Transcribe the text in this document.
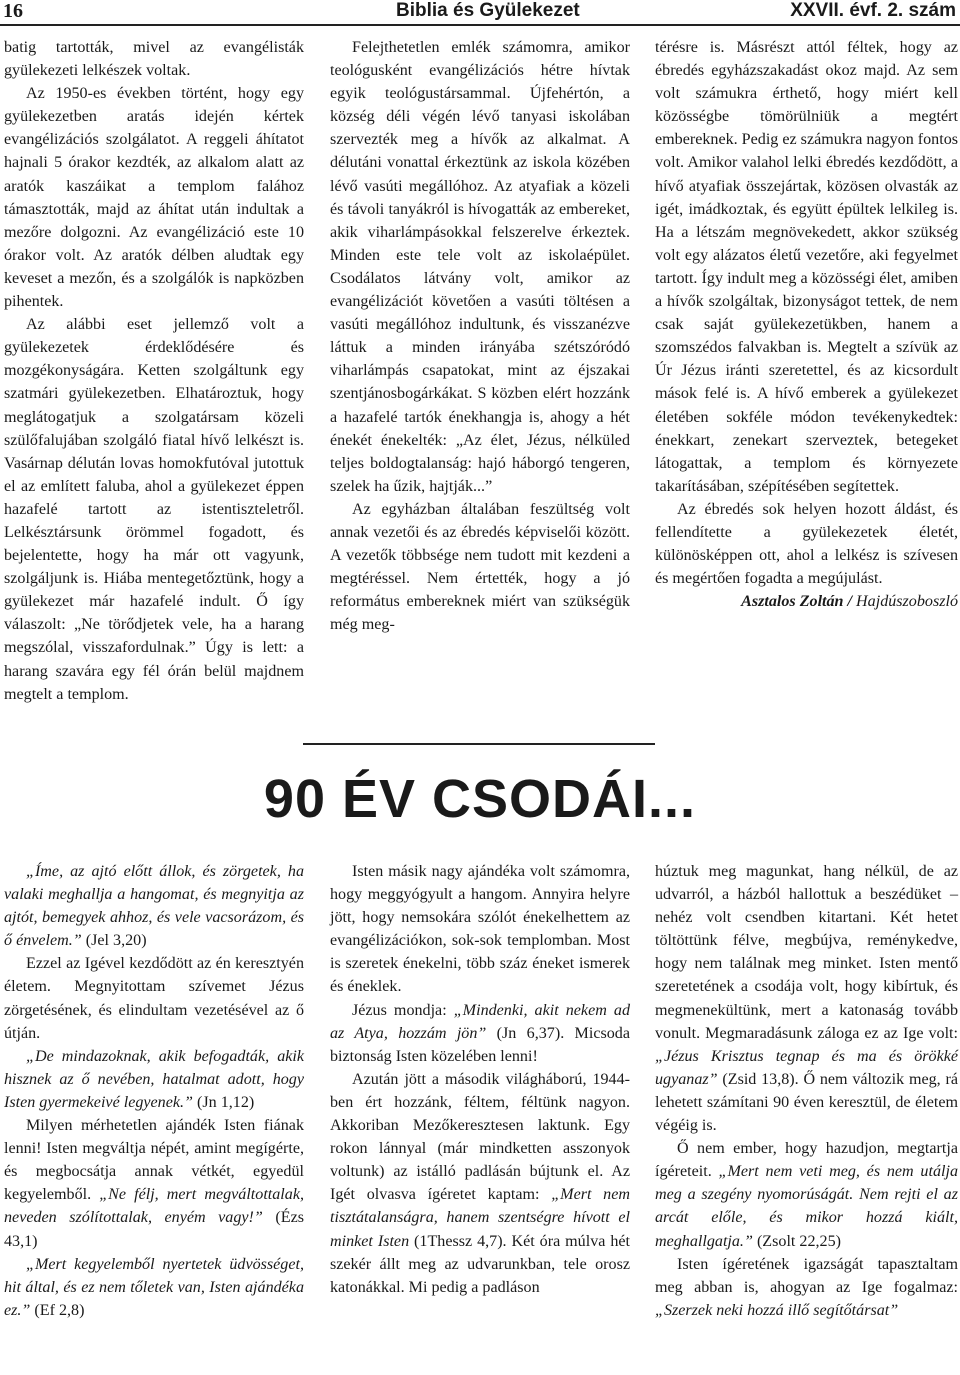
16	Biblia és Gyülekezet	XXVII. évf. 2. szám

batig tartották, mivel az evangélisták gyülekezeti lelkészek voltak.

Az 1950-es években történt, hogy egy gyülekezetben aratás idején kértek evangélizációs szolgálatot. A reggeli áhítatot hajnali 5 órakor kezdték, az alkalom alatt az aratók kaszáikat a templom falához támasztották, majd az áhítat után indultak a mezőre dolgozni. Az evangélizáció este 10 órakor volt. Az aratók délben aludtak egy keveset a mezőn, és a szolgálók is napközben pihentek.

Az alábbi eset jellemző volt a gyülekezetek érdeklődésére és mozgékonyságára. Ketten szolgáltunk egy szatmári gyülekezetben. Elhatároztuk, hogy meglátogatjuk a szolgatársam közeli szülőfalujában szolgáló fiatal hívő lelkészt is. Vasárnap délután lovas homokfutóval jutottuk el az említett faluba, ahol a gyülekezet éppen hazafelé tartott az istentiszteletről. Lelkésztársunk örömmel fogadott, és bejelentette, hogy ha már ott vagyunk, szolgáljunk is. Hiába mentegetőztünk, hogy a gyülekezet már hazafelé indult. Ő így válaszolt: „Ne törődjetek vele, ha a harang megszólal, visszafordulnak.” Úgy is lett: a harang szavára egy fél órán belül majdnem megtelt a templom.

Felejthetetlen emlék számomra, amikor teológusként evangélizációs hétre hívtak egyik teológustársammal. Újfehértón, a község déli végén lévő tanyasi iskolában szervezték meg a hívők az alkalmat. A délutáni vonattal érkeztünk az iskola közében lévő vasúti megállóhoz. Az atyafiak a közeli és távoli tanyákról is hívogatták az embereket, akik viharlámpásokkal felszerelve érkeztek. Minden este tele volt az iskolaépület. Csodálatos látvány volt, amikor az evangélizációt követően a vasúti töltésen a vasúti megállóhoz indultunk, és visszanézve láttuk a minden irányába szétszóródó viharlámpás csapatokat, mint az éjszakai szentjánosbogárkákat. S közben elért hozzánk a hazafelé tartók énekhangja is, ahogy a hét énekét énekelték: „Az élet, Jézus, nélküled teljes boldogtalanság: hajó háborgó tengeren, szelek ha űzik, hajtják...”

Az egyházban általában feszültség volt annak vezetői és az ébredés képviselői között. A vezetők többsége nem tudott mit kezdeni a megtéréssel. Nem értették, hogy a jó református embereknek miért van szükségük még meg-

térésre is. Másrészt attól féltek, hogy az ébredés egyházszakadást okoz majd. Az sem volt számukra érthető, hogy miért kell közösségbe tömörülniük a megtért embereknek. Pedig ez számukra nagyon fontos volt. Amikor valahol lelki ébredés kezdődött, a hívő atyafiak összejártak, közösen olvasták az igét, imádkoztak, és együtt épültek lelkileg is. Ha a létszám megnövekedett, akkor szükség volt egy alázatos életű vezetőre, aki fegyelmet tartott. Így indult meg a közösségi élet, amiben a hívők szolgáltak, bizonyságot tettek, de nem csak saját gyülekezetükben, hanem a szomszédos falvakban is. Megtelt a szívük az Úr Jézus iránti szeretettel, és az kicsordult mások felé is. A hívő emberek a gyülekezet életében sokféle módon tevékenykedtek: énekkart, zenekart szerveztek, betegeket látogattak, a templom és környezete takarításában, szépítésében segítettek.

Az ébredés sok helyen hozott áldást, és fellendítette a gyülekezetek életét, különösképpen ott, ahol a lelkész is szívesen és megértően fogadta a megújulást.

Asztalos Zoltán / Hajdúszoboszló

90 ÉV CSODÁI...

„Íme, az ajtó előtt állok, és zörgetek, ha valaki meghallja a hangomat, és megnyitja az ajtót, bemegyek ahhoz, és vele vacsorázom, és ő énvelem.” (Jel 3,20)

Ezzel az Igével kezdődött az én keresztyén életem. Megnyitottam szívemet Jézus zörgetésének, és elindultam vezetésével az ő útján.

„De mindazoknak, akik befogadták, akik hisznek az ő nevében, hatalmat adott, hogy Isten gyermekeivé legyenek.” (Jn 1,12)

Milyen mérhetetlen ajándék Isten fiának lenni! Isten megváltja népét, amint megígérte, és megbocsátja annak vétkét, egyedül kegyelemből. „Ne félj, mert megváltottalak, neveden szólítottalak, enyém vagy!” (Ézs 43,1)

„Mert kegyelemből nyertetek üdvösséget, hit által, és ez nem tőletek van, Isten ajándéka ez.” (Ef 2,8)

Isten másik nagy ajándéka volt számomra, hogy meggyógyult a hangom. Annyira helyre jött, hogy nemsokára szólót énekelhettem az evangélizációkon, sok-sok templomban. Most is szeretek énekelni, több száz éneket ismerek és éneklek.

Jézus mondja: „Mindenki, akit nekem ad az Atya, hozzám jön” (Jn 6,37). Micsoda biztonság Isten közelében lenni!

Azután jött a második világháború, 1944-ben ért hozzánk, féltem, féltünk nagyon. Akkoriban Mezőkeresztesen laktunk. Egy rokon lánnyal (már mindketten asszonyok voltunk) az istálló padlásán bújtunk el. Az Igét olvasva ígéretet kaptam: „Mert nem tisztátalanságra, hanem szentségre hívott el minket Isten (1Thessz 4,7). Két óra múlva hét szekér állt meg az udvarunkban, tele orosz katonákkal. Mi pedig a padláson

húztuk meg magunkat, hang nélkül, de az udvarról, a házból hallottuk a beszédüket – nehéz volt csendben kitartani. Két hetet töltöttünk félve, megbújva, reménykedve, hogy nem találnak meg minket. Isten mentő szeretetének a csodája volt, hogy kibírtuk, és megmenekültünk, mert a katonaság tovább vonult. Megmaradásunk záloga ez az Ige volt: „Jézus Krisztus tegnap és ma és örökké ugyanaz” (Zsid 13,8). Ő nem változik meg, rá lehetett számítani 90 éven keresztül, de életem végéig is.

Ő nem ember, hogy hazudjon, megtartja ígéreteit. „Mert nem veti meg, és nem utálja meg a szegény nyomorúságát. Nem rejti el az arcát előle, és mikor hozzá kiált, meghallgatja.” (Zsolt 22,25)

Isten ígéretének igazságát tapasztaltam meg abban is, ahogyan az Ige fogalmaz: „Szerzek neki hozzá illő segítőtársat”
